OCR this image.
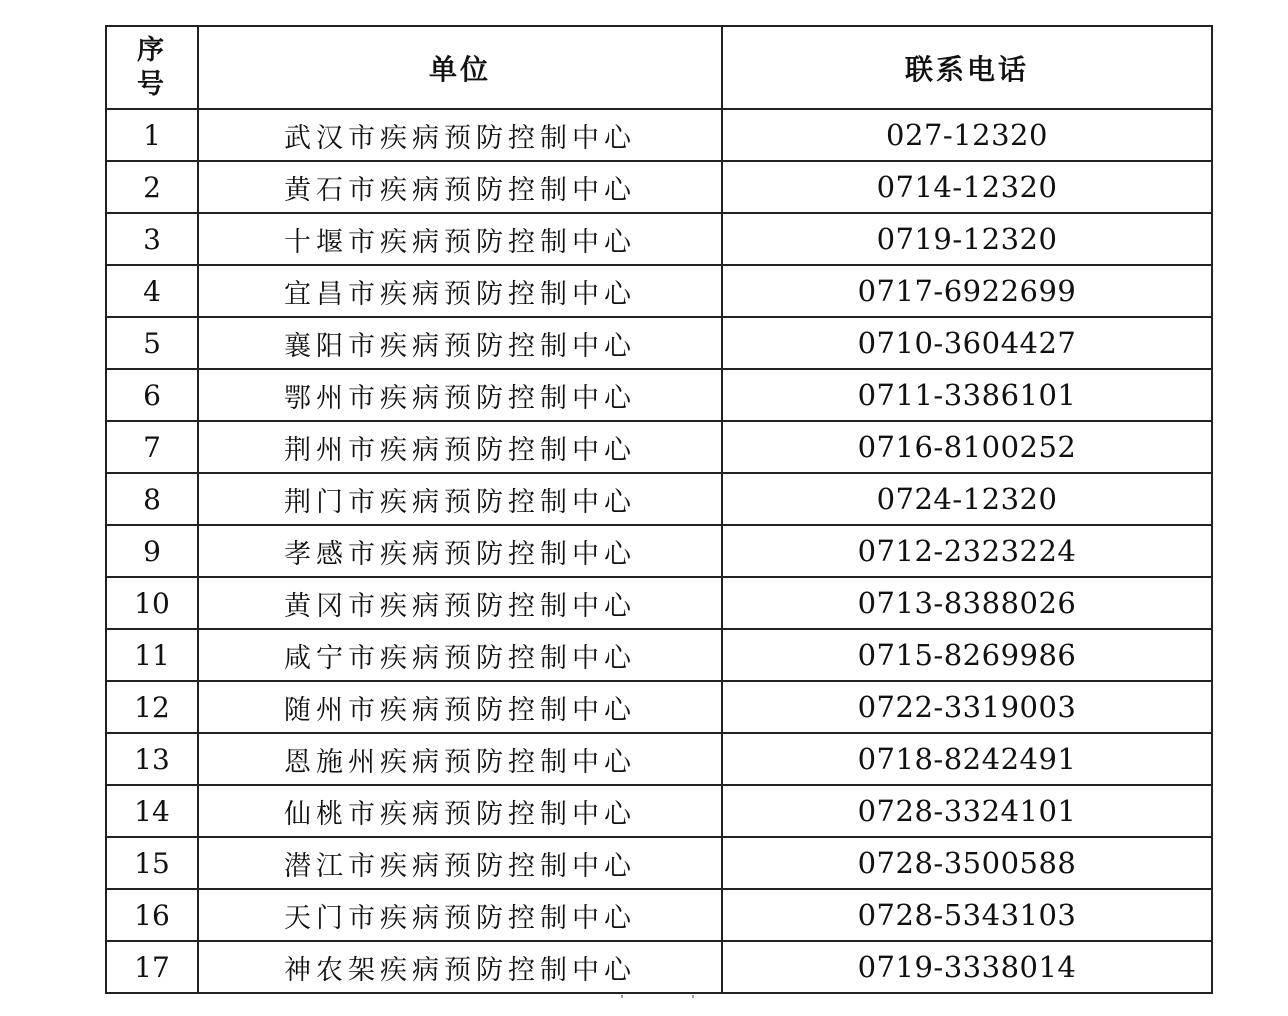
序
号	单位	联系电话
1	武汉市疾病预防控制中心	027-12320
2	黄石市疾病预防控制中心	0714-12320
3	十堰市疾病预防控制中心	0719-12320
4	宜昌市疾病预防控制中心	0717-6922699
5	襄阳市疾病预防控制中心	0710-3604427
6	鄂州市疾病预防控制中心	0711-3386101
7	荆州市疾病预防控制中心	0716-8100252
8	荆门市疾病预防控制中心	0724-12320
9	孝感市疾病预防控制中心	0712-2323224
10	黄冈市疾病预防控制中心	0713-8388026
11	咸宁市疾病预防控制中心	0715-8269986
12	随州市疾病预防控制中心	0722-3319003
13	恩施州疾病预防控制中心	0718-8242491
14	仙桃市疾病预防控制中心	0728-3324101
15	潜江市疾病预防控制中心	0728-3500588
16	天门市疾病预防控制中心	0728-5343103
17	神农架疾病预防控制中心	0719-3338014
